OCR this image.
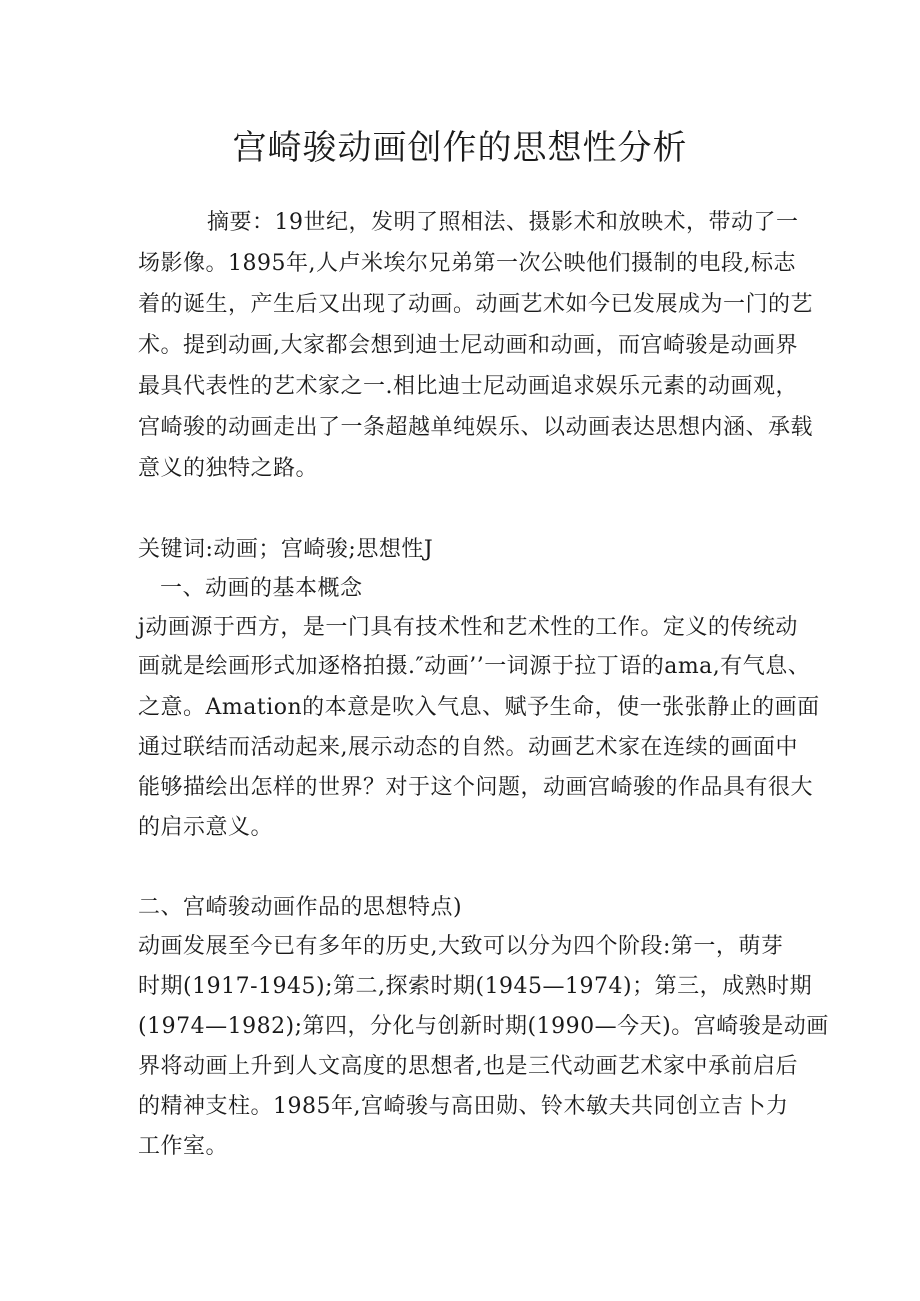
宫崎骏动画创作的思想性分析
摘要：19世纪，发明了照相法、摄影术和放映术，带动了一
场影像。1895年,人卢米埃尔兄弟第一次公映他们摄制的电段,标志
着的诞生，产生后又出现了动画。动画艺术如今已发展成为一门的艺
术。提到动画,大家都会想到迪士尼动画和动画，而宫崎骏是动画界
最具代表性的艺术家之一.相比迪士尼动画追求娱乐元素的动画观，
宫崎骏的动画走出了一条超越单纯娱乐、以动画表达思想内涵、承载
意义的独特之路。
关键词:动画；宫崎骏;思想性J
一、动画的基本概念
j动画源于西方，是一门具有技术性和艺术性的工作。定义的传统动
画就是绘画形式加逐格拍摄.″动画’’一词源于拉丁语的ama,有气息、
之意。Amation的本意是吹入气息、赋予生命，使一张张静止的画面
通过联结而活动起来,展示动态的自然。动画艺术家在连续的画面中
能够描绘出怎样的世界？对于这个问题，动画宫崎骏的作品具有很大
的启示意义。
二、宫崎骏动画作品的思想特点)
动画发展至今已有多年的历史,大致可以分为四个阶段:第一，萌芽
时期(1917-1945);第二,探索时期(1945—1974)；第三，成熟时期
(1974—1982);第四，分化与创新时期(1990—今天)。宫崎骏是动画
界将动画上升到人文高度的思想者,也是三代动画艺术家中承前启后
的精神支柱。1985年,宫崎骏与高田勋、铃木敏夫共同创立吉卜力
工作室。
